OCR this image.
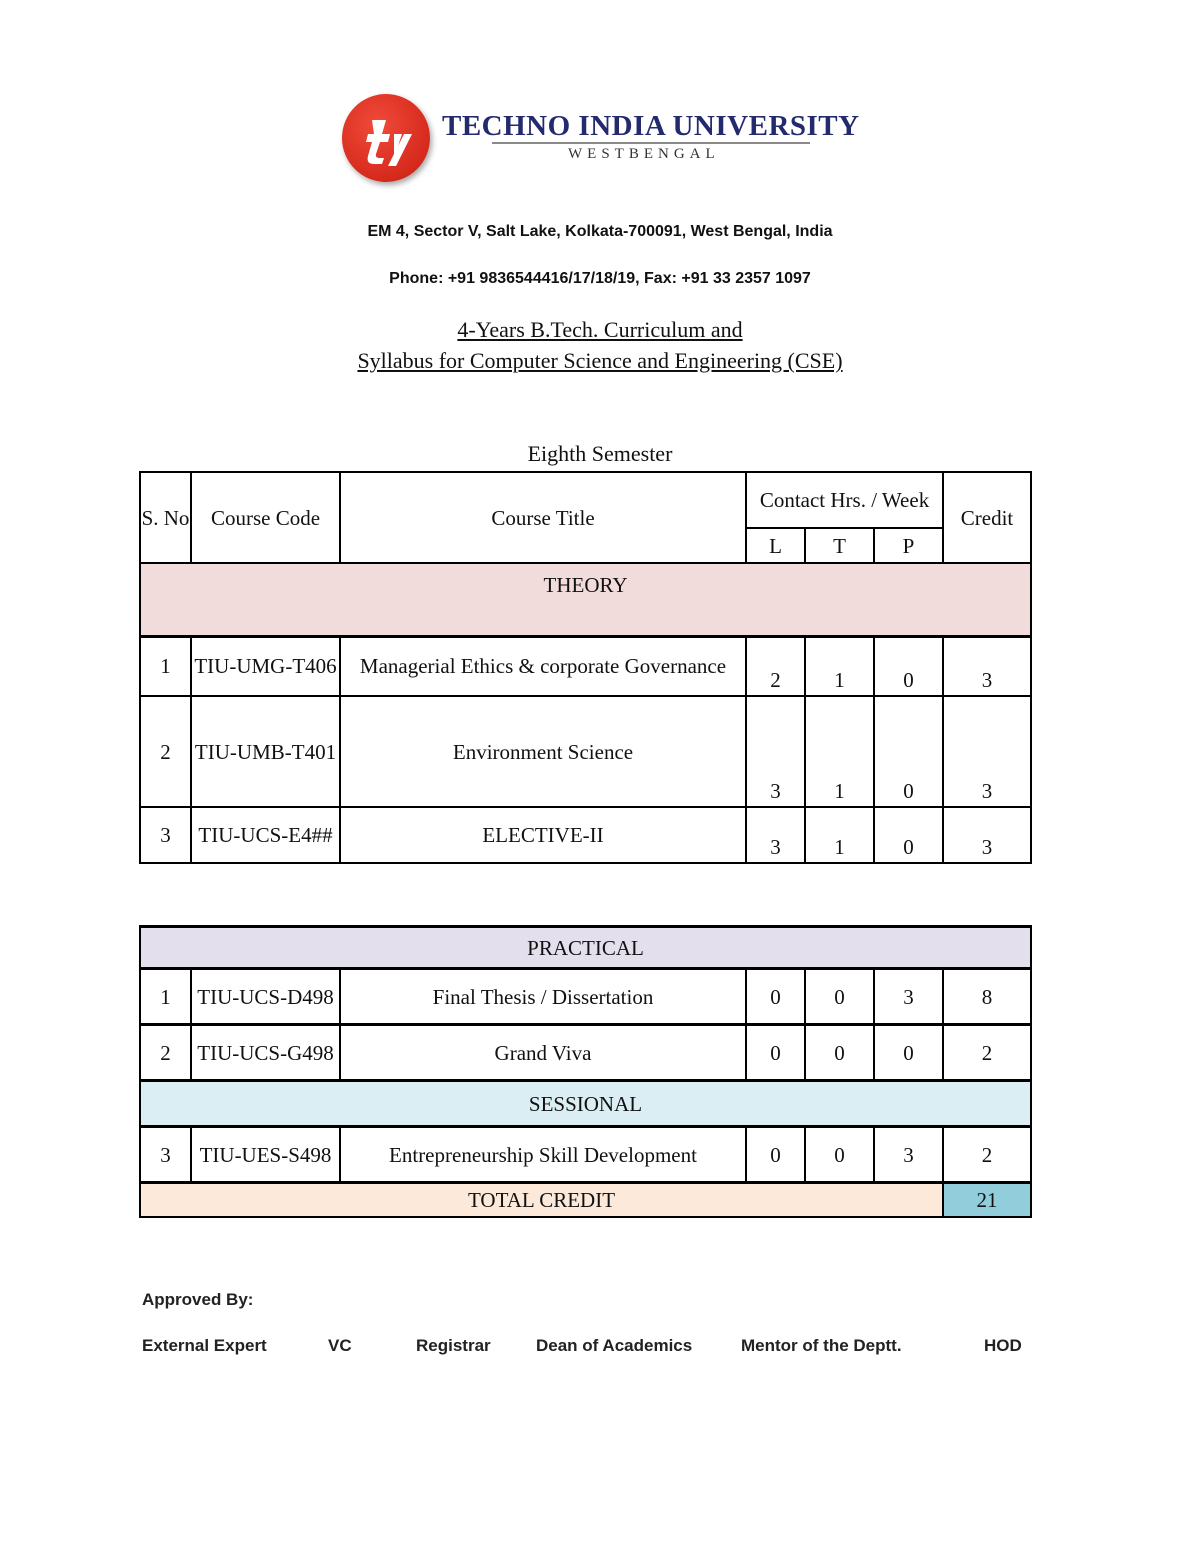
TECHNO INDIA UNIVERSITY
WESTBENGAL
EM 4, Sector V, Salt Lake, Kolkata-700091, West Bengal, India
Phone: +91 9836544416/17/18/19, Fax: +91 33 2357 1097
4-Years B.Tech. Curriculum and
Syllabus for Computer Science and Engineering (CSE)
Eighth Semester
S. No	Course Code	Course Title	Contact Hrs. / Week			Credit
			L	T	P	
THEORY						
1	TIU-UMG-T406	Managerial Ethics & corporate Governance	2	1	0	3
2	TIU-UMB-T401	Environment Science	3	1	0	3
3	TIU-UCS-E4##	ELECTIVE-II	3	1	0	3
PRACTICAL						
1	TIU-UCS-D498	Final Thesis / Dissertation	0	0	3	8
2	TIU-UCS-G498	Grand Viva	0	0	0	2
SESSIONAL						
3	TIU-UES-S498	Entrepreneurship Skill Development	0	0	3	2
TOTAL CREDIT						21
Approved By:
External Expert	VC	Registrar	Dean of Academics	Mentor of the Deptt.	HOD
